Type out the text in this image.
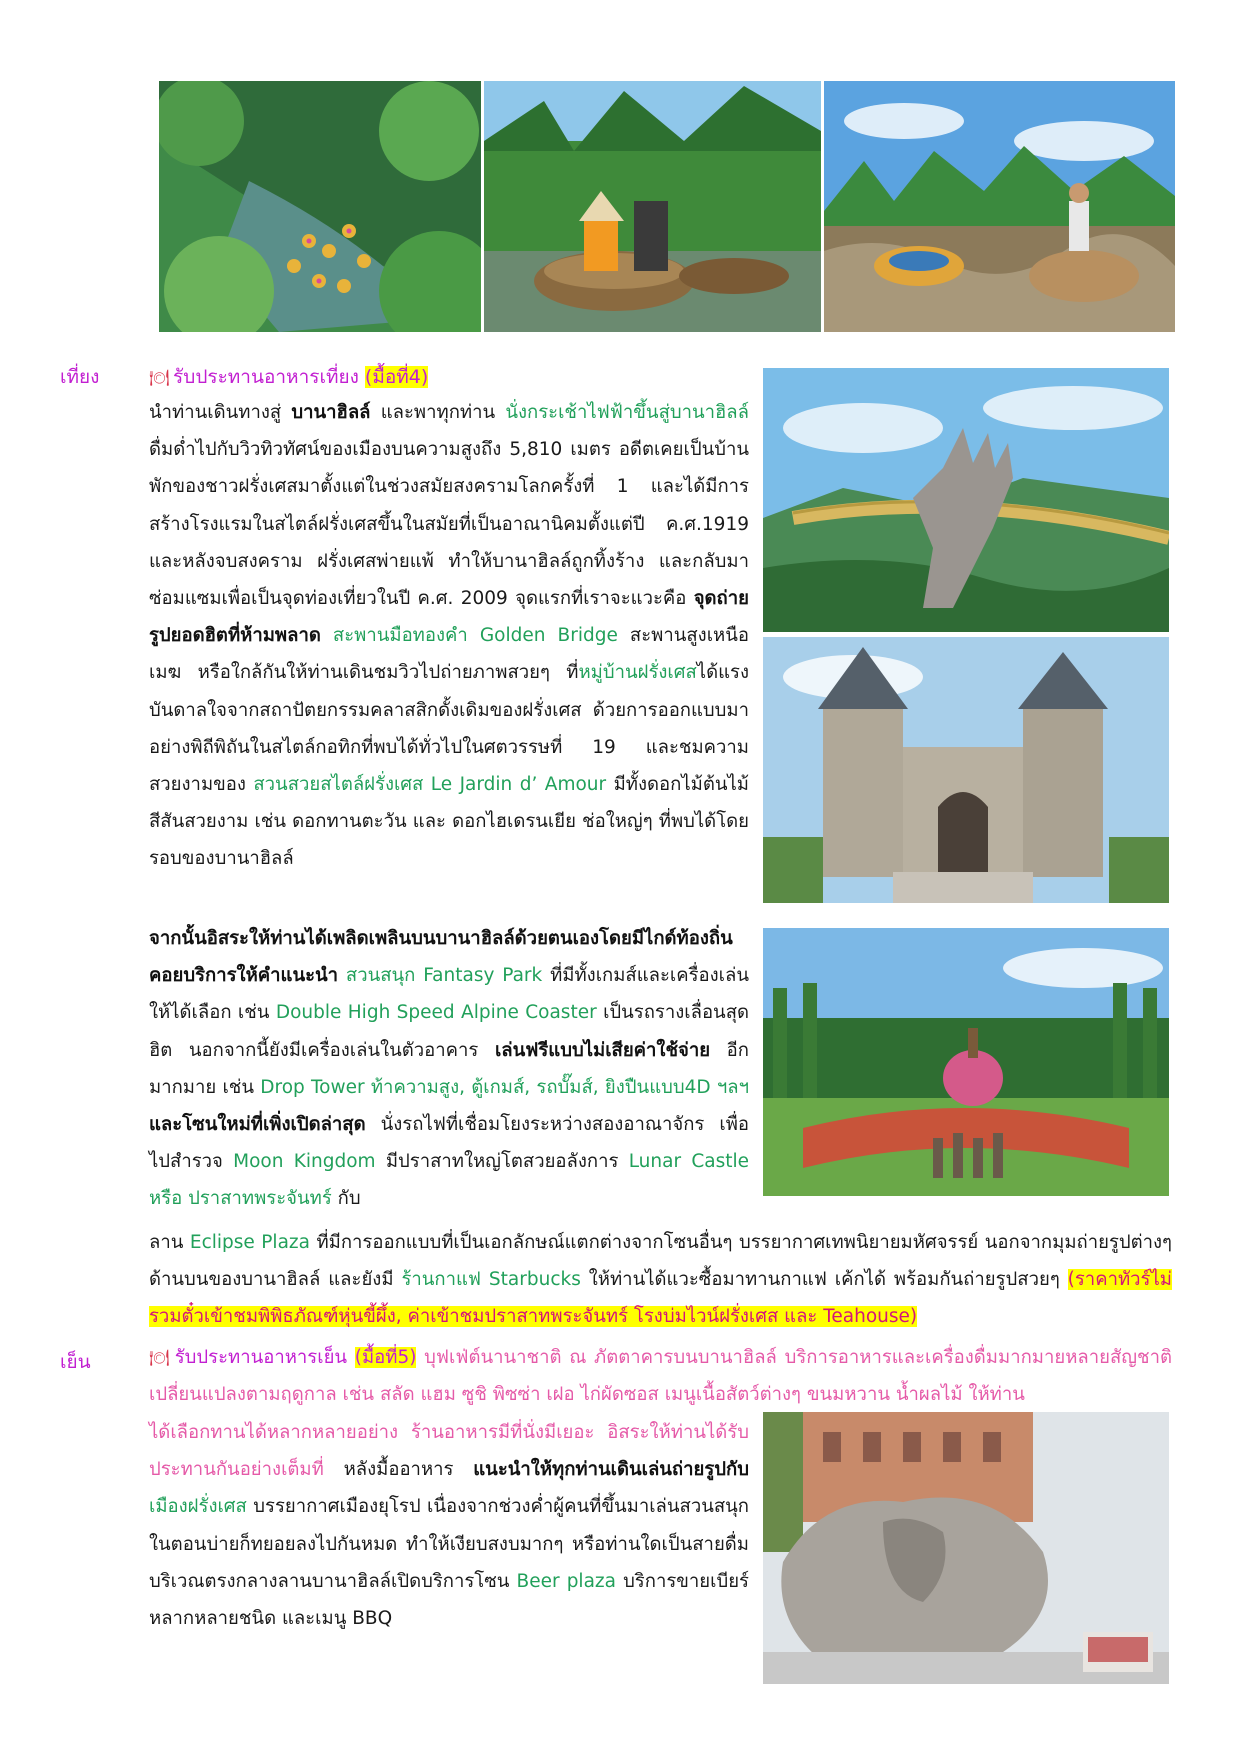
เที่ยง	🍽 รับประทานอาหารเที่ยง (มื้อที่4)
นำท่านเดินทางสู่ บานาฮิลล์ และพาทุกท่าน นั่งกระเช้าไฟฟ้าขึ้นสู่บานาฮิลล์ ดื่มด่ำไปกับวิวทิวทัศน์ของเมืองบนความสูงถึง 5,810 เมตร อดีตเคยเป็นบ้านพักของชาวฝรั่งเศสมาตั้งแต่ในช่วงสมัยสงครามโลกครั้งที่ 1 และได้มีการสร้างโรงแรมในสไตล์ฝรั่งเศสขึ้นในสมัยที่เป็นอาณานิคมตั้งแต่ปี ค.ศ.1919 และหลังจบสงคราม ฝรั่งเศสพ่ายแพ้ ทำให้บานาฮิลล์ถูกทิ้งร้าง และกลับมาซ่อมแซมเพื่อเป็นจุดท่องเที่ยวในปี ค.ศ. 2009 จุดแรกที่เราจะแวะคือ จุดถ่ายรูปยอดฮิตที่ห้ามพลาด สะพานมือทองคำ Golden Bridge สะพานสูงเหนือเมฆ หรือใกล้กันให้ท่านเดินชมวิวไปถ่ายภาพสวยๆ ที่หมู่บ้านฝรั่งเศสได้แรงบันดาลใจจากสถาปัตยกรรมคลาสสิกดั้งเดิมของฝรั่งเศส ด้วยการออกแบบมาอย่างพิถีพิถันในสไตล์กอทิกที่พบได้ทั่วไปในศตวรรษที่ 19 และชมความสวยงามของ สวนสวยสไตล์ฝรั่งเศส Le Jardin d’ Amour มีทั้งดอกไม้ต้นไม้สีสันสวยงาม เช่น ดอกทานตะวัน และ ดอกไฮเดรนเยีย ช่อใหญ่ๆ ที่พบได้โดยรอบของบานาฮิลล์
จากนั้นอิสระให้ท่านได้เพลิดเพลินบนบานาฮิลล์ด้วยตนเองโดยมีไกด์ท้องถิ่นคอยบริการให้คำแนะนำ สวนสนุก Fantasy Park ที่มีทั้งเกมส์และเครื่องเล่นให้ได้เลือก เช่น Double High Speed Alpine Coaster เป็นรถรางเลื่อนสุดฮิต นอกจากนี้ยังมีเครื่องเล่นในตัวอาคาร เล่นฟรีแบบไม่เสียค่าใช้จ่าย อีกมากมาย เช่น Drop Tower ท้าความสูง, ตู้เกมส์, รถบั๊มส์, ยิงปืนแบบ4D ฯลฯ และโซนใหม่ที่เพิ่งเปิดล่าสุด นั่งรถไฟที่เชื่อมโยงระหว่างสองอาณาจักร เพื่อไปสำรวจ Moon Kingdom มีปราสาทใหญ่โตสวยอลังการ Lunar Castle หรือ ปราสาทพระจันทร์ กับ
ลาน Eclipse Plaza ที่มีการออกแบบที่เป็นเอกลักษณ์แตกต่างจากโซนอื่นๆ บรรยากาศเทพนิยายมหัศจรรย์ นอกจากมุมถ่ายรูปต่างๆ ด้านบนของบานาฮิลล์ และยังมี ร้านกาแฟ Starbucks ให้ท่านได้แวะซื้อมาทานกาแฟ เค้กได้ พร้อมกันถ่ายรูปสวยๆ (ราคาทัวร์ไม่รวมตั๋วเข้าชมพิพิธภัณฑ์หุ่นขี้ผึ้ง, ค่าเข้าชมปราสาทพระจันทร์ โรงบ่มไวน์ฝรั่งเศส และ Teahouse)
เย็น	🍽 รับประทานอาหารเย็น (มื้อที่5) บุฟเฟ่ต์นานาชาติ ณ ภัตตาคารบนบานาฮิลล์ บริการอาหารและเครื่องดื่มมากมายหลายสัญชาติ เปลี่ยนแปลงตามฤดูกาล เช่น สลัด แฮม ซูชิ พิซซ่า เฝอ ไก่ผัดซอส เมนูเนื้อสัตว์ต่างๆ ขนมหวาน น้ำผลไม้ ให้ท่าน
ได้เลือกทานได้หลากหลายอย่าง ร้านอาหารมีที่นั่งมีเยอะ อิสระให้ท่านได้รับประทานกันอย่างเต็มที่ หลังมื้ออาหาร แนะนำให้ทุกท่านเดินเล่นถ่ายรูปกับ เมืองฝรั่งเศส บรรยากาศเมืองยุโรป เนื่องจากช่วงค่ำผู้คนที่ขึ้นมาเล่นสวนสนุกในตอนบ่ายก็ทยอยลงไปกันหมด ทำให้เงียบสงบมากๆ หรือท่านใดเป็นสายดื่ม บริเวณตรงกลางลานบานาฮิลล์เปิดบริการโซน Beer plaza บริการขายเบียร์หลากหลายชนิด และเมนู BBQ
